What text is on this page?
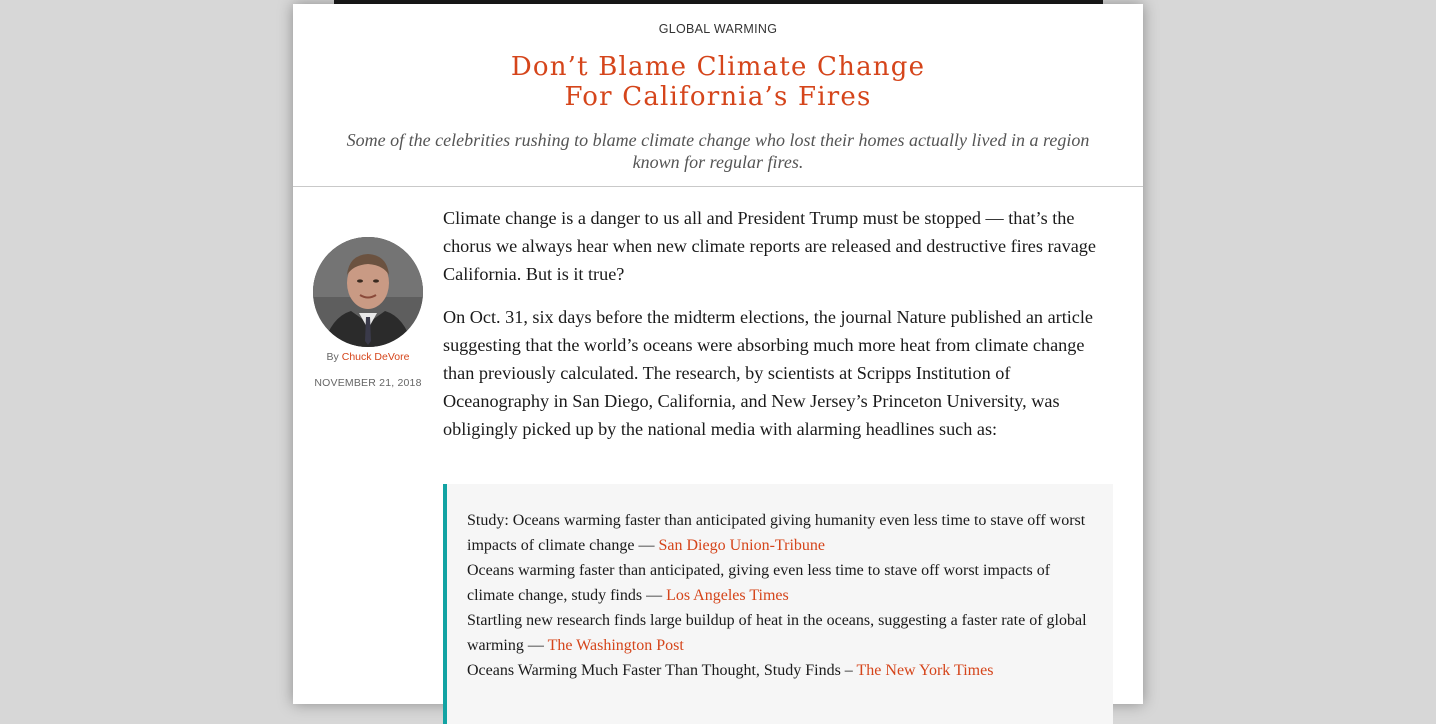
GLOBAL WARMING
Don’t Blame Climate Change
For California’s Fires

Some of the celebrities rushing to blame climate change who lost their homes actually lived in a region known for regular fires.

By Chuck DeVore
NOVEMBER 21, 2018

Climate change is a danger to us all and President Trump must be stopped — that’s the chorus we always hear when new climate reports are released and destructive fires ravage California. But is it true?

On Oct. 31, six days before the midterm elections, the journal Nature published an article suggesting that the world’s oceans were absorbing much more heat from climate change than previously calculated. The research, by scientists at Scripps Institution of Oceanography in San Diego, California, and New Jersey’s Princeton University, was obligingly picked up by the national media with alarming headlines such as:

Study: Oceans warming faster than anticipated giving humanity even less time to stave off worst impacts of climate change — San Diego Union-Tribune
Oceans warming faster than anticipated, giving even less time to stave off worst impacts of climate change, study finds — Los Angeles Times
Startling new research finds large buildup of heat in the oceans, suggesting a faster rate of global warming — The Washington Post
Oceans Warming Much Faster Than Thought, Study Finds – The New York Times
